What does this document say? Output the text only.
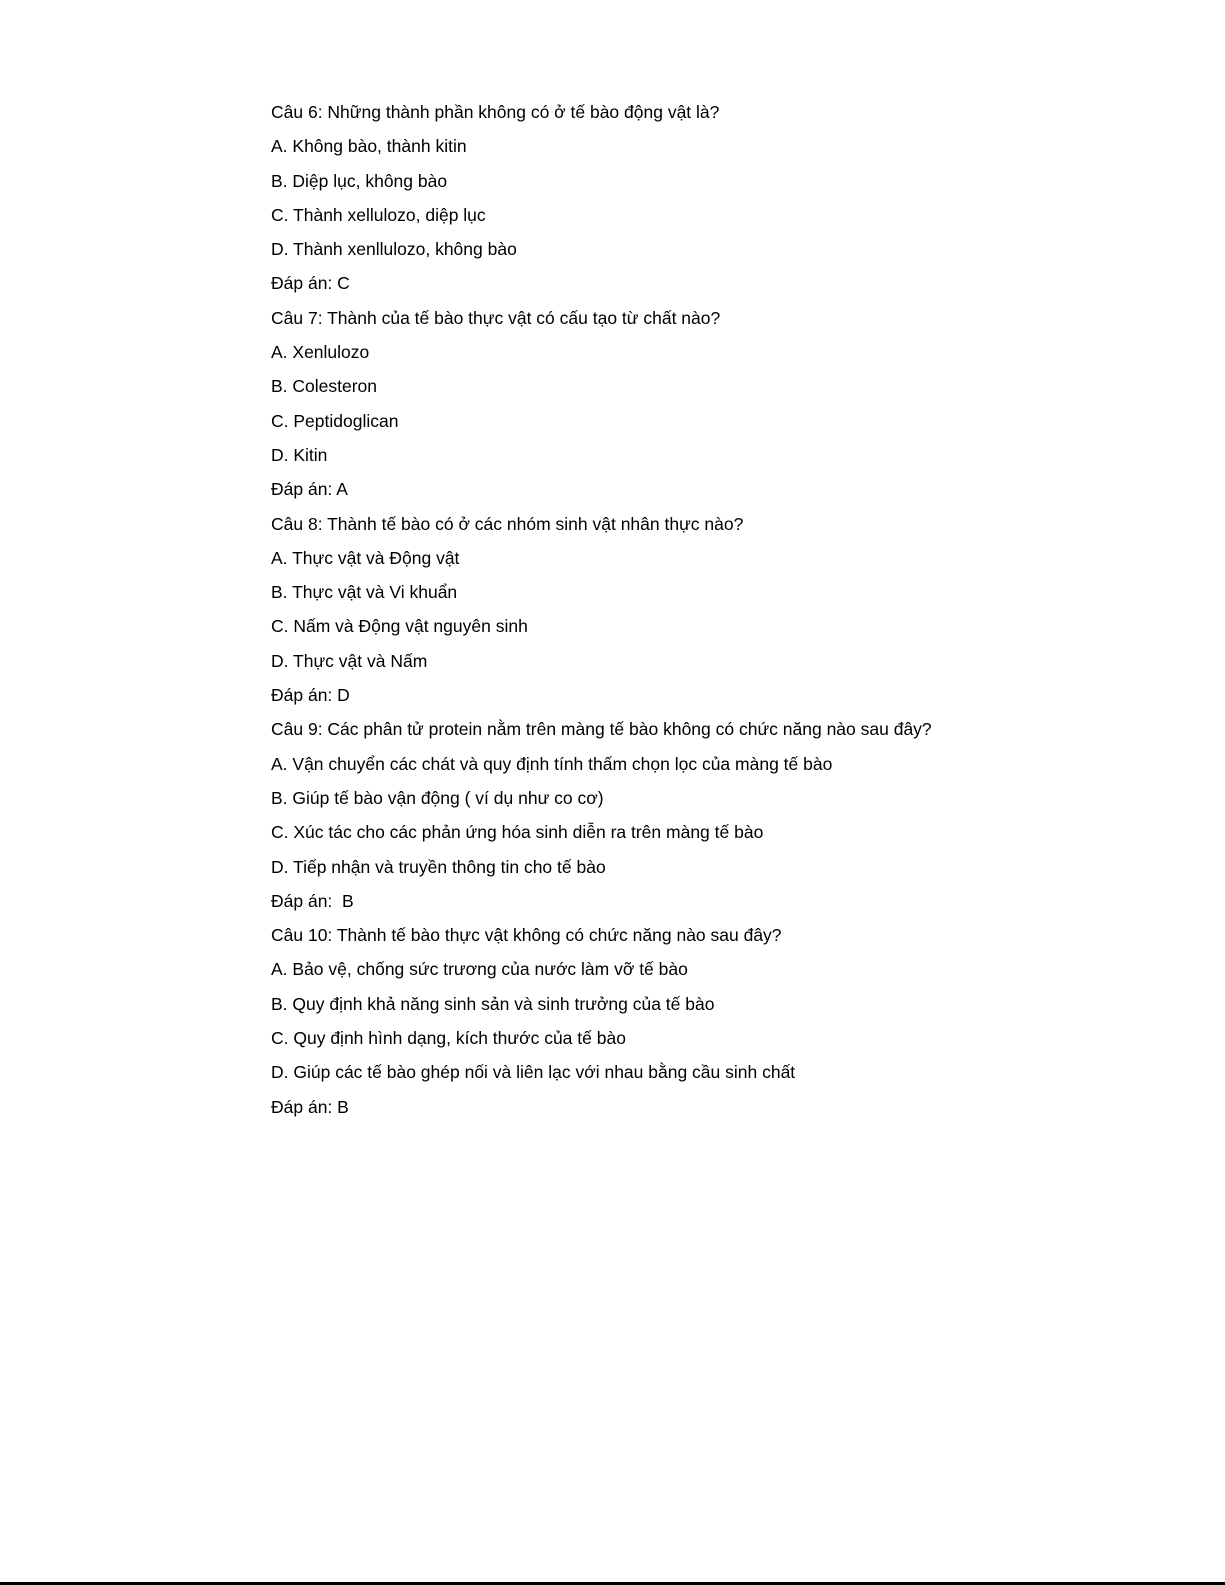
Câu 6: Những thành phần không có ở tế bào động vật là?
A. Không bào, thành kitin
B. Diệp lục, không bào
C. Thành xellulozo, diệp lục
D. Thành xenllulozo, không bào
Đáp án: C
Câu 7: Thành của tế bào thực vật có cấu tạo từ chất nào?
A. Xenlulozo
B. Colesteron
C. Peptidoglican
D. Kitin
Đáp án: A
Câu 8: Thành tế bào có ở các nhóm sinh vật nhân thực nào?
A. Thực vật và Động vật
B. Thực vật và Vi khuẩn
C. Nấm và Động vật nguyên sinh
D. Thực vật và Nấm
Đáp án: D
Câu 9: Các phân tử protein nằm trên màng tế bào không có chức năng nào sau đây?
A. Vận chuyển các chát và quy định tính thấm chọn lọc của màng tế bào
B. Giúp tế bào vận động ( ví dụ như co cơ)
C. Xúc tác cho các phản ứng hóa sinh diễn ra trên màng tế bào
D. Tiếp nhận và truyền thông tin cho tế bào
Đáp án:  B
Câu 10: Thành tế bào thực vật không có chức năng nào sau đây?
A. Bảo vệ, chống sức trương của nước làm vỡ tế bào
B. Quy định khả năng sinh sản và sinh trưởng của tế bào
C. Quy định hình dạng, kích thước của tế bào
D. Giúp các tế bào ghép nối và liên lạc với nhau bằng cầu sinh chất
Đáp án: B
